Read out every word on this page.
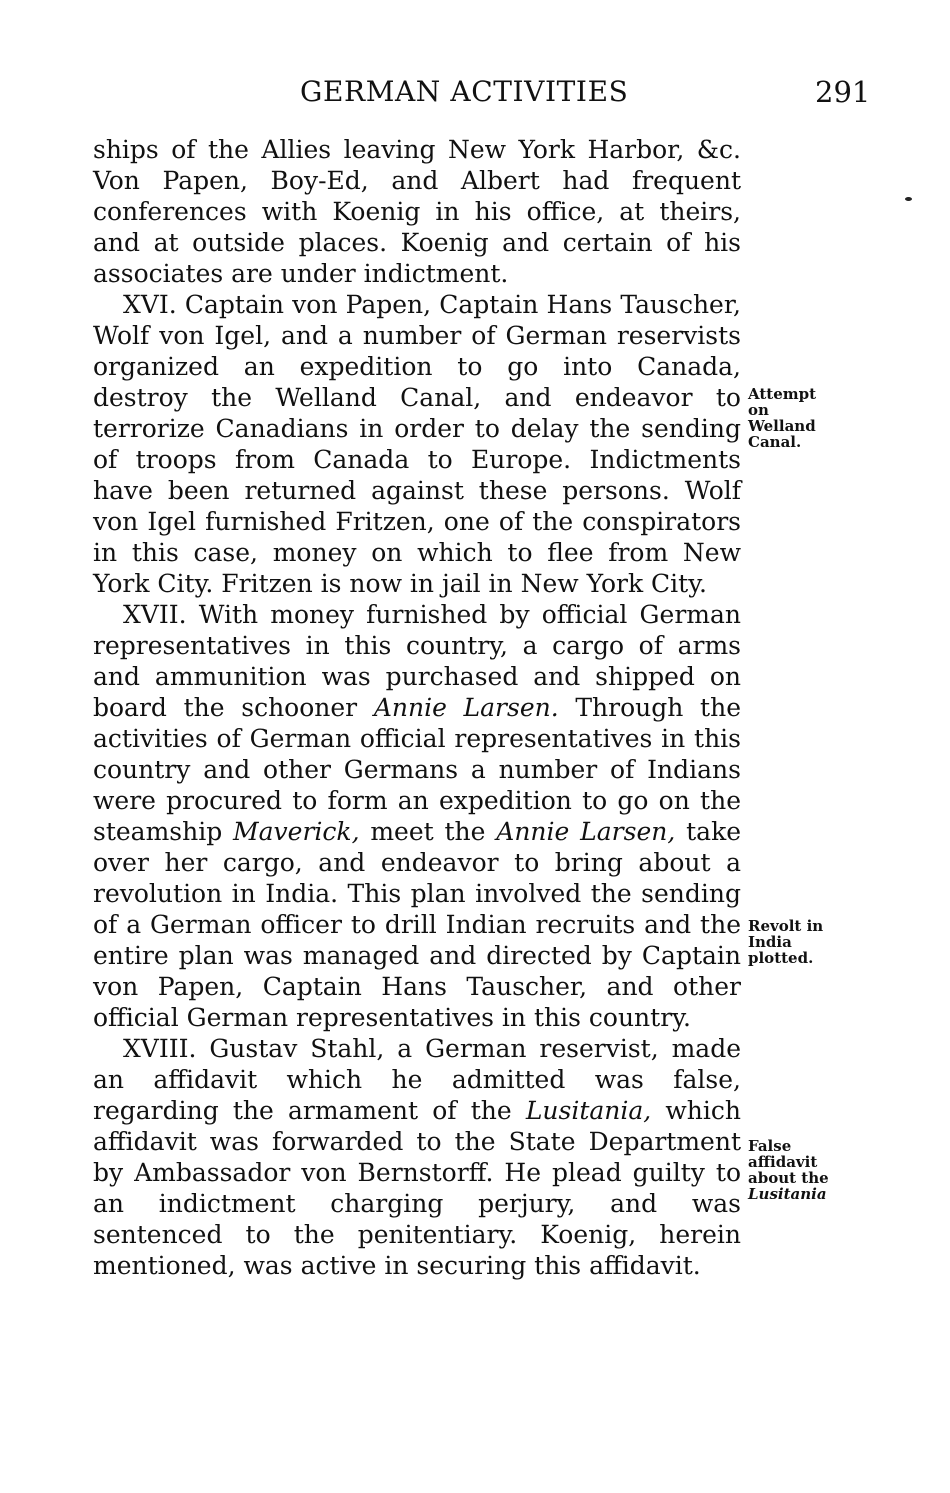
GERMAN ACTIVITIES	291

ships of the Allies leaving New York Harbor, &c. Von Papen, Boy-Ed, and Albert had frequent conferences with Koenig in his office, at theirs, and at outside places. Koenig and certain of his associates are under indictment.

XVI. Captain von Papen, Captain Hans Tauscher, Wolf von Igel, and a number of German reservists organized an expedition to go into Canada, destroy the Welland Canal, and endeavor to terrorize Canadians in order to delay the sending of troops from Canada to Europe. Indictments have been returned against these persons. Wolf von Igel furnished Fritzen, one of the conspirators in this case, money on which to flee from New York City. Fritzen is now in jail in New York City.

XVII. With money furnished by official German representatives in this country, a cargo of arms and ammunition was purchased and shipped on board the schooner Annie Larsen. Through the activities of German official representatives in this country and other Germans a number of Indians were procured to form an expedition to go on the steamship Maverick, meet the Annie Larsen, take over her cargo, and endeavor to bring about a revolution in India. This plan involved the sending of a German officer to drill Indian recruits and the entire plan was managed and directed by Captain von Papen, Captain Hans Tauscher, and other official German representatives in this country.

XVIII. Gustav Stahl, a German reservist, made an affidavit which he admitted was false, regarding the armament of the Lusitania, which affidavit was forwarded to the State Department by Ambassador von Bernstorff. He plead guilty to an indictment charging perjury, and was sentenced to the penitentiary. Koenig, herein mentioned, was active in securing this affidavit.

Attempt
on
Welland
Canal.
Revolt in
India
plotted.
False
affidavit
about the
Lusitania
